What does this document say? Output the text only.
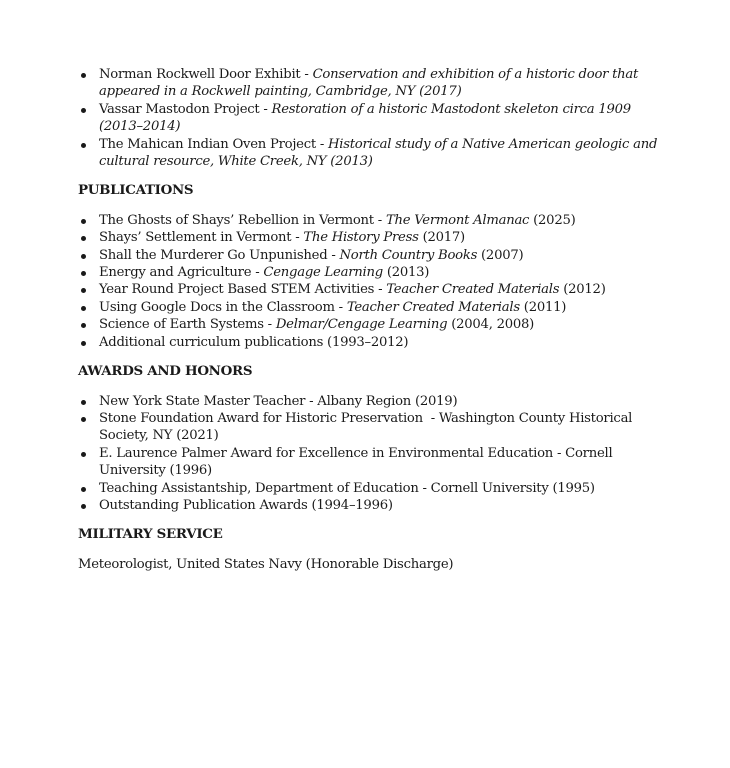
Norman Rockwell Door Exhibit - Conservation and exhibition of a historic door that appeared in a Rockwell painting, Cambridge, NY (2017)
Vassar Mastodon Project - Restoration of a historic Mastodont skeleton circa 1909 (2013–2014)
The Mahican Indian Oven Project - Historical study of a Native American geologic and cultural resource, White Creek, NY (2013)
PUBLICATIONS
The Ghosts of Shays’ Rebellion in Vermont - The Vermont Almanac (2025)
Shays’ Settlement in Vermont - The History Press (2017)
Shall the Murderer Go Unpunished - North Country Books (2007)
Energy and Agriculture - Cengage Learning (2013)
Year Round Project Based STEM Activities - Teacher Created Materials (2012)
Using Google Docs in the Classroom - Teacher Created Materials (2011)
Science of Earth Systems - Delmar/Cengage Learning (2004, 2008)
Additional curriculum publications (1993–2012)
AWARDS AND HONORS
New York State Master Teacher - Albany Region (2019)
Stone Foundation Award for Historic Preservation  - Washington County Historical Society, NY (2021)
E. Laurence Palmer Award for Excellence in Environmental Education - Cornell University (1996)
Teaching Assistantship, Department of Education - Cornell University (1995)
Outstanding Publication Awards (1994–1996)
MILITARY SERVICE

Meteorologist, United States Navy (Honorable Discharge)
